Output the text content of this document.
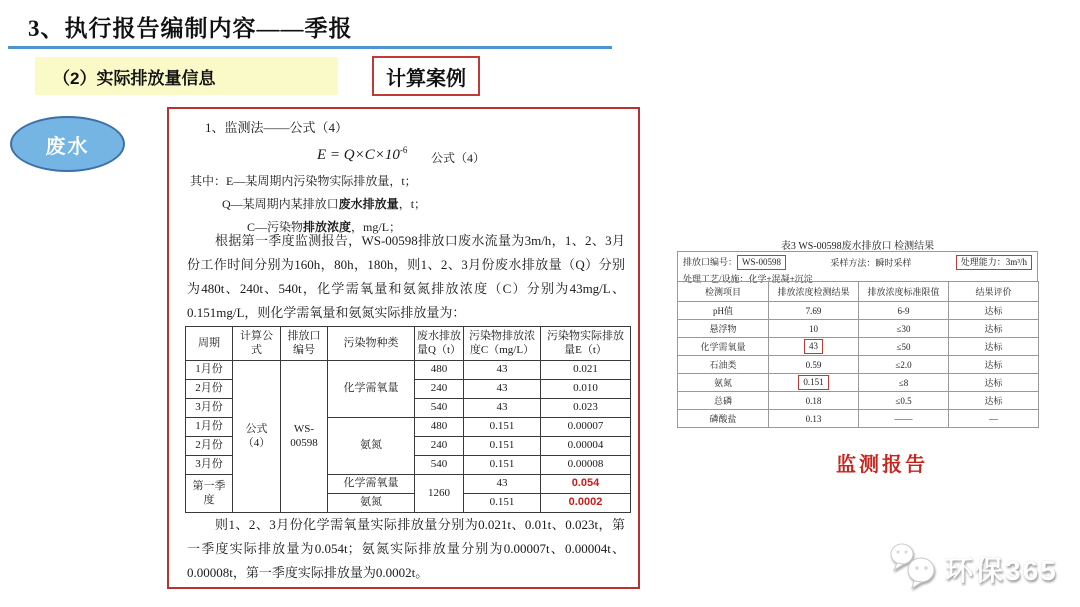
3、执行报告编制内容——季报
（2）实际排放量信息	计算案例
废水
1、监测法——公式（4）
$E = Q\times C\times 10^{-6}$
公式（4）
其中：E—某周期内污染物实际排放量，t；
Q—某周期内某排放口废水排放量，t；
C—污染物排放浓度，mg/L；
根据第一季度监测报告，WS-00598排放口废水流量为3m/h，1、2、3月份工作时间分别为160h，80h，180h，则1、2、3月份废水排放量（Q）分别为480t、240t、540t，化学需氧量和氨氮排放浓度（C）分别为43mg/L、0.151mg/L，则化学需氧量和氨氮实际排放量为：
周期	计算公式	排放口编号	污染物种类	废水排放量Q（t）	污染物排放浓度C（mg/L）	污染物实际排放量E（t）
1月份	公式（4）	WS-00598	化学需氧量	480	43	0.021
2月份				240	43	0.010
3月份				540	43	0.023
1月份			氨氮	480	0.151	0.00007
2月份				240	0.151	0.00004
3月份				540	0.151	0.00008
第一季度			化学需氧量	1260	43	0.054
			氨氮		0.151	0.0002
则1、2、3月份化学需氧量实际排放量分别为0.021t、0.01t、0.023t，第一季度实际排放量为0.054t；氨氮实际排放量分别为0.00007t、0.00004t、0.00008t，第一季度实际排放量为0.0002t。
表3 WS-00598废水排放口 检测结果
排放口编号： WS-00598	采样方法：瞬时采样	处理能力：3m³/h
处理工艺/设施：化学+混凝+沉淀
检测项目	排放浓度检测结果	排放浓度标准限值	结果评价
pH值	7.69	6-9	达标
悬浮物	10	≤30	达标
化学需氧量	43	≤50	达标
石油类	0.59	≤2.0	达标
氨氮	0.151	≤8	达标
总磷	0.18	≤0.5	达标
磷酸盐	0.13	——	—
监测报告
环保365
